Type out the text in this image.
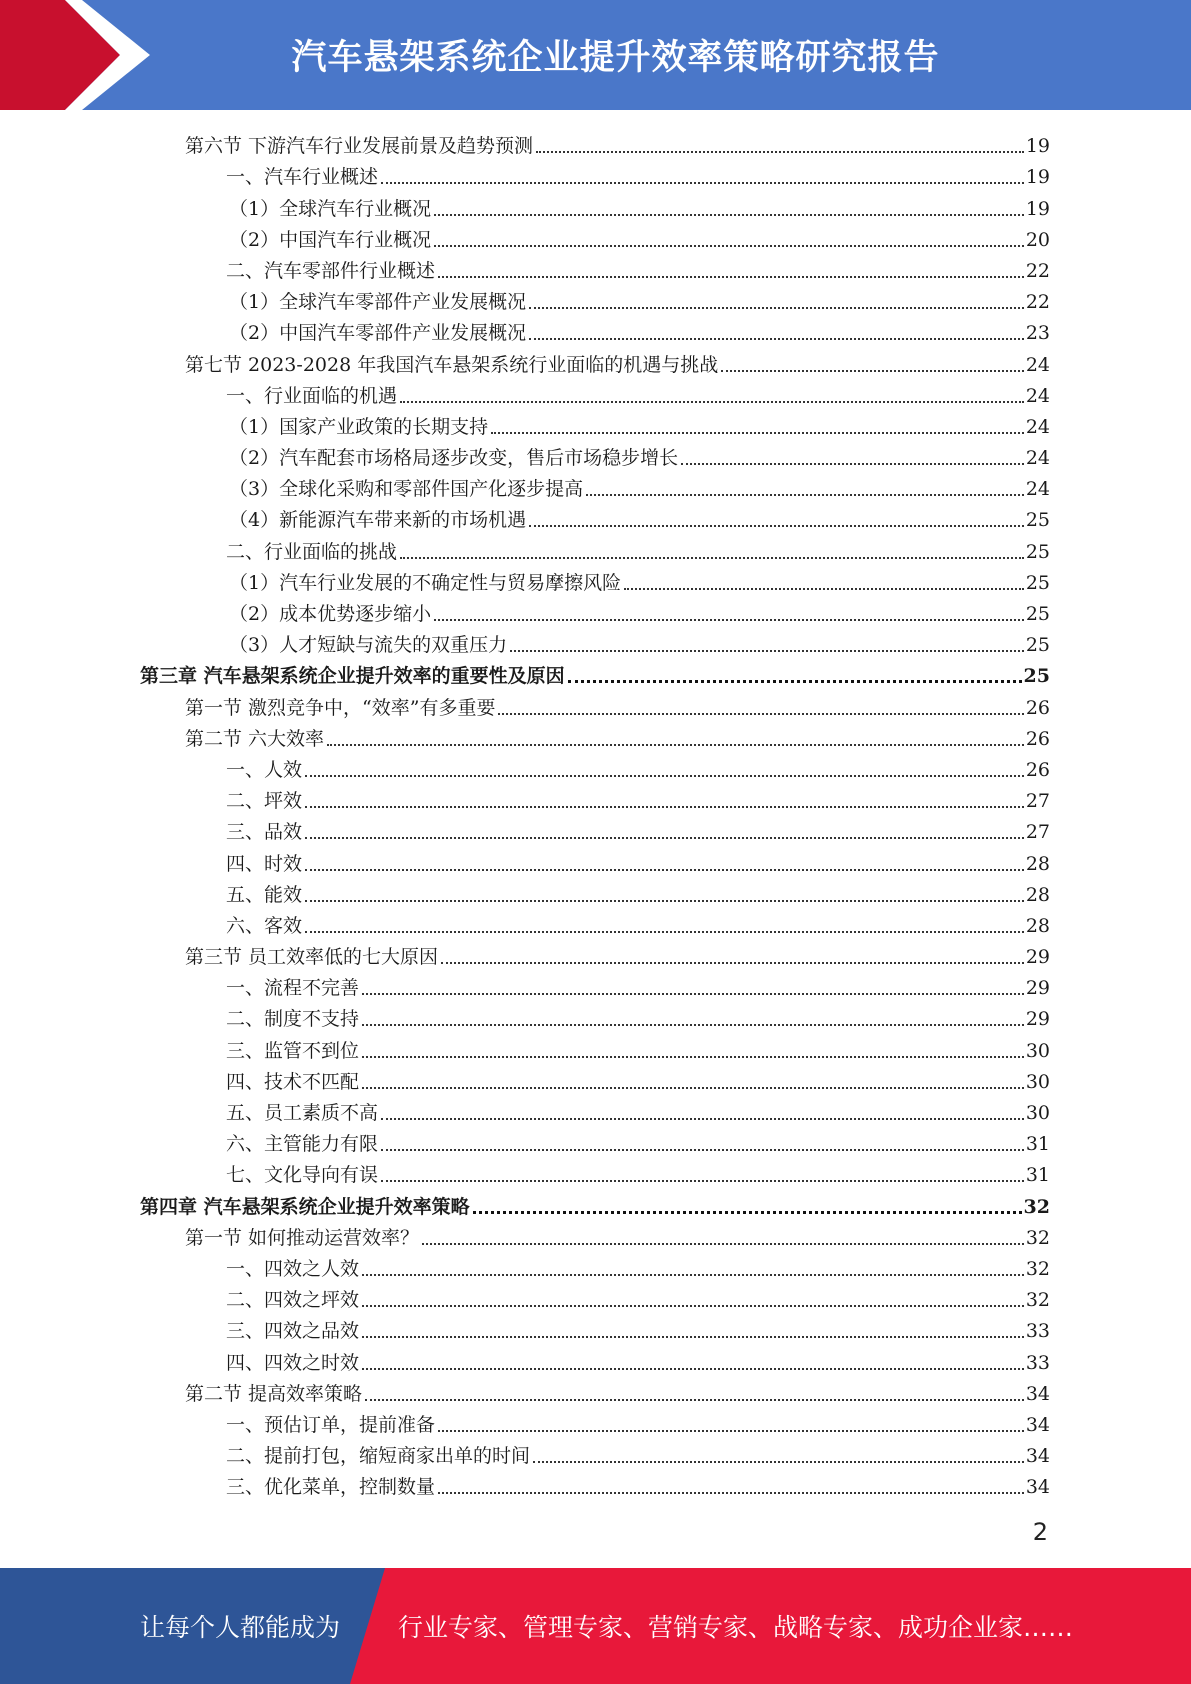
汽车悬架系统企业提升效率策略研究报告
第六节 下游汽车行业发展前景及趋势预测	19
一、汽车行业概述	19
（1）全球汽车行业概况	19
（2）中国汽车行业概况	20
二、汽车零部件行业概述	22
（1）全球汽车零部件产业发展概况	22
（2）中国汽车零部件产业发展概况	23
第七节 2023-2028 年我国汽车悬架系统行业面临的机遇与挑战	24
一、行业面临的机遇	24
（1）国家产业政策的长期支持	24
（2）汽车配套市场格局逐步改变，售后市场稳步增长	24
（3）全球化采购和零部件国产化逐步提高	24
（4）新能源汽车带来新的市场机遇	25
二、行业面临的挑战	25
（1）汽车行业发展的不确定性与贸易摩擦风险	25
（2）成本优势逐步缩小	25
（3）人才短缺与流失的双重压力	25
第三章 汽车悬架系统企业提升效率的重要性及原因	25
第一节 激烈竞争中，“效率”有多重要	26
第二节 六大效率	26
一、人效	26
二、坪效	27
三、品效	27
四、时效	28
五、能效	28
六、客效	28
第三节 员工效率低的七大原因	29
一、流程不完善	29
二、制度不支持	29
三、监管不到位	30
四、技术不匹配	30
五、员工素质不高	30
六、主管能力有限	31
七、文化导向有误	31
第四章 汽车悬架系统企业提升效率策略	32
第一节 如何推动运营效率？	32
一、四效之人效	32
二、四效之坪效	32
三、四效之品效	33
四、四效之时效	33
第二节 提高效率策略	34
一、预估订单，提前准备	34
二、提前打包，缩短商家出单的时间	34
三、优化菜单，控制数量	34
2
让每个人都能成为 行业专家、管理专家、营销专家、战略专家、成功企业家……
